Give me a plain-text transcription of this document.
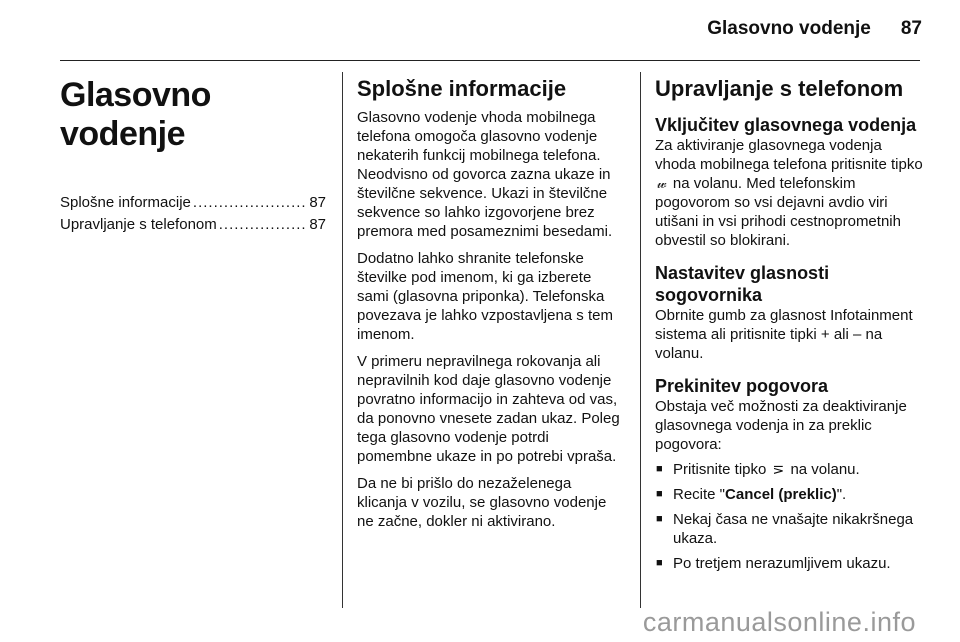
Glasovno vodenje 87
Glasovno vodenje
Splošne informacije .....	87
Upravljanje s telefonom .....	87
Splošne informacije

Glasovno vodenje vhoda mobilnega telefona omogoča glasovno vodenje nekaterih funkcij mobilnega telefona. Neodvisno od govorca zazna ukaze in številčne sekvence. Ukazi in številčne sekvence so lahko izgovorjene brez premora med posameznimi besedami.

Dodatno lahko shranite telefonske številke pod imenom, ki ga izberete sami (glasovna priponka). Telefonska povezava je lahko vzpostavljena s tem imenom.

V primeru nepravilnega rokovanja ali nepravilnih kod daje glasovno vodenje povratno informacijo in zahteva od vas, da ponovno vnesete zadan ukaz. Poleg tega glasovno vodenje potrdi pomembne ukaze in po potrebi vpraša.

Da ne bi prišlo do nezaželenega klicanja v vozilu, se glasovno vodenje ne začne, dokler ni aktivirano.

Upravljanje s telefonom
Vključitev glasovnega vodenja

Za aktiviranje glasovnega vodenja vhoda mobilnega telefona pritisnite tipko 𝓌 na volanu. Med telefonskim pogovorom so vsi dejavni avdio viri utišani in vsi prihodi cestnoprometnih obvestil so blokirani.

Nastavitev glasnosti sogovornika

Obrnite gumb za glasnost Infotainment sistema ali pritisnite tipki + ali – na volanu.

Prekinitev pogovora

Obstaja več možnosti za deaktiviranje glasovnega vodenja in za preklic pogovora:

■ Pritisnite tipko ⋝ na volanu.
■ Recite "Cancel (preklic)".
■ Nekaj časa ne vnašajte nikakršnega ukaza.
■ Po tretjem nerazumljivem ukazu.
carmanualsonline.info
